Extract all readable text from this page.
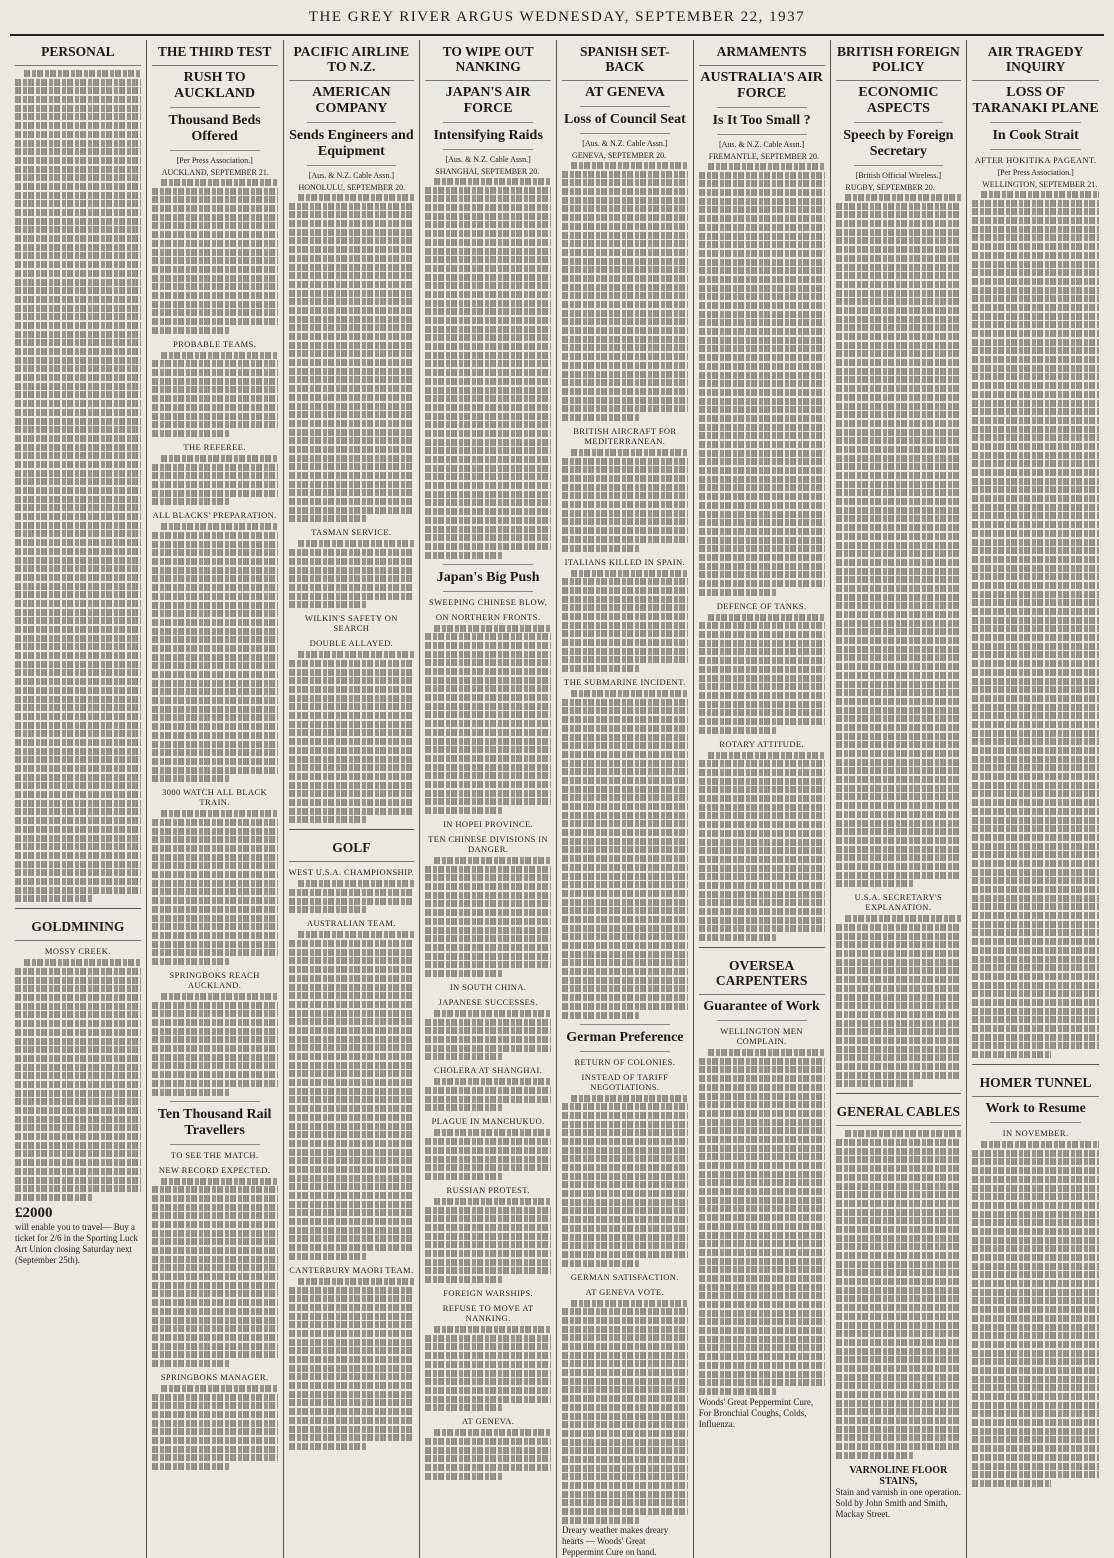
THE GREY RIVER ARGUS WEDNESDAY, SEPTEMBER 22, 1937
PERSONAL
GOLDMINING
MOSSY CREEK.
£2000
will enable you to travel— Buy a ticket for 2/6 in the Sporting Luck Art Union closing Saturday next (September 25th).
THE THIRD TEST
RUSH TO AUCKLAND
Thousand Beds Offered
[Per Press Association.]
AUCKLAND, SEPTEMBER 21.
PROBABLE TEAMS.
THE REFEREE.
ALL BLACKS' PREPARATION.
3000 WATCH ALL BLACK TRAIN.
SPRINGBOKS REACH AUCKLAND.
Ten Thousand Rail Travellers
TO SEE THE MATCH.
NEW RECORD EXPECTED.
SPRINGBOKS MANAGER.
PACIFIC AIRLINE TO N.Z.
AMERICAN COMPANY
Sends Engineers and Equipment
[Aus. & N.Z. Cable Assn.]
HONOLULU, SEPTEMBER 20.
TASMAN SERVICE.
WILKIN'S SAFETY ON SEARCH
DOUBLE ALLAYED.
GOLF
WEST U.S.A. CHAMPIONSHIP.
AUSTRALIAN TEAM.
CANTERBURY MAORI TEAM.
TO WIPE OUT NANKING
JAPAN'S AIR FORCE
Intensifying Raids
[Aus. & N.Z. Cable Assn.]
SHANGHAI, SEPTEMBER 20.
Japan's Big Push
SWEEPING CHINESE BLOW,
ON NORTHERN FRONTS.
IN HOPEI PROVINCE.
TEN CHINESE DIVISIONS IN DANGER.
IN SOUTH CHINA.
JAPANESE SUCCESSES.
CHOLERA AT SHANGHAI.
PLAGUE IN MANCHUKUO.
RUSSIAN PROTEST.
FOREIGN WARSHIPS.
REFUSE TO MOVE AT NANKING.
AT GENEVA.
SPANISH SET-BACK
AT GENEVA
Loss of Council Seat
[Aus. & N.Z. Cable Assn.]
GENEVA, SEPTEMBER 20.
BRITISH AIRCRAFT FOR MEDITERRANEAN.
ITALIANS KILLED IN SPAIN.
THE SUBMARINE INCIDENT.
German Preference
RETURN OF COLONIES.
INSTEAD OF TARIFF NEGOTIATIONS.
GERMAN SATISFACTION.
AT GENEVA VOTE.
Dreary weather makes dreary hearts — Woods' Great Peppermint Cure on hand.
ARMAMENTS
AUSTRALIA'S AIR FORCE
Is It Too Small ?
[Aus. & N.Z. Cable Assn.]
FREMANTLE, SEPTEMBER 20.
DEFENCE OF TANKS.
ROTARY ATTITUDE.
OVERSEA CARPENTERS
Guarantee of Work
WELLINGTON MEN COMPLAIN.
Woods' Great Peppermint Cure, For Bronchial Coughs, Colds, Influenza.
BRITISH FOREIGN POLICY
ECONOMIC ASPECTS
Speech by Foreign Secretary
[British Official Wireless.]
RUGBY, SEPTEMBER 20.
U.S.A. SECRETARY'S EXPLANATION.
GENERAL CABLES
VARNOLINE FLOOR STAINS,
Stain and varnish in one operation. Sold by John Smith and Smith, Mackay Street.
AIR TRAGEDY INQUIRY
LOSS OF TARANAKI PLANE
In Cook Strait
AFTER HOKITIKA PAGEANT.
[Per Press Association.]
WELLINGTON, SEPTEMBER 21.
HOMER TUNNEL
Work to Resume
IN NOVEMBER.
